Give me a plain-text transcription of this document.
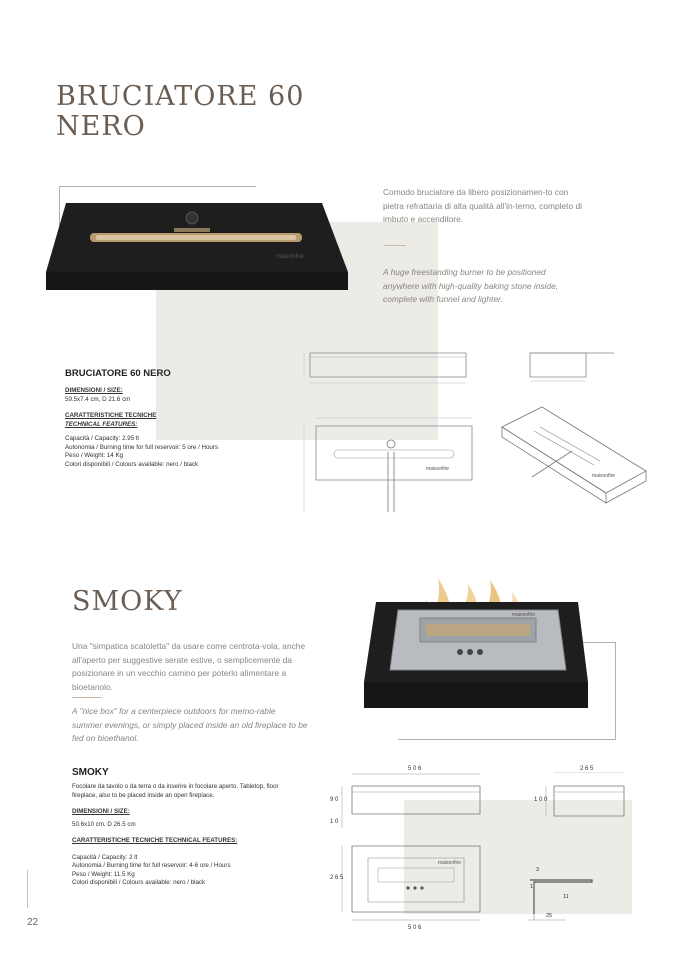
BRUCIATORE 60
NERO
maisonfire
Comodo bruciatore da libero posizionamen-to con pietra refrattaria di alta qualità all'in-terno, completo di imbuto e accenditore.
A huge freestanding burner to be positioned anywhere with high-quality baking stone inside, complete with funnel and lighter.
BRUCIATORE 60 NERO
DIMENSIONI / SIZE:
59.5x7.4 cm, D 21.6 cm
CARATTERISTICHE TECNICHE
TECHNICAL FEATURES:
Capacità / Capacity: 2.95 lt
Autonomia / Burning time for full reservoir: 5 ore / Hours
Peso / Weight: 14 Kg
Colori disponibili / Colours available: nero / black
maisonfire
maisonfire
SMOKY
Una "simpatica scatoletta" da usare come centrota-vola, anche all'aperto per suggestive serate estive, o semplicemente da posizionare in un vecchio camino per poterlo alimentare a bioetanolo.
A "nice box" for a centerpiece outdoors for memo-rable summer evenings, or simply placed inside an old fireplace to be fed on bioethanol.
maisonfire
SMOKY
Focolare da tavolo o da terra o da inserire in focolare aperto. Tabletop, floor fireplace, also to be placed inside an open fireplace.
DIMENSIONI / SIZE:
50.6x10 cm, D 26.5 cm
CARATTERISTICHE TECNICHE TECHNICAL FEATURES:
Capacità / Capacity: 2 lt
Autonomia / Burning time for full reservoir: 4-6 ore / Hours
Peso / Weight: 11.5 Kg
Colori disponibili / Colours available: nero / black
5 0 6
9 0
1 0
2 6 5
1 0 0
maisonfire
2 6 5
5 0 6
3
1
11
25
22
